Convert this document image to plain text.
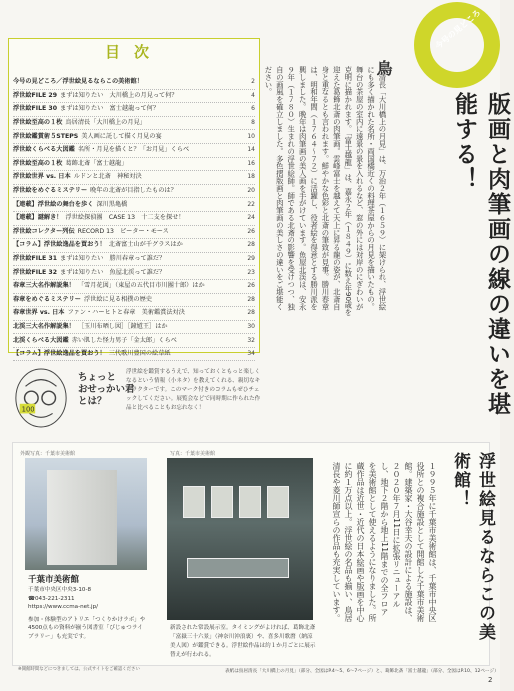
目次
今号の見どころ／浮世絵見るならこの美術館！	2
浮世絵FILE 29 まずは知りたい　大川橋上の月見って何？	4
浮世絵FILE 30 まずは知りたい　富士越龍って何？	6
浮世絵至高の１枚 鳥居清長「大川橋上の月見」	8
浮世絵鑑賞術５STEPS 美人画に託して描く月見の宴	10
浮世絵くらべる大図鑑 名所・月見を描くと？「お月見」くらべ	14
浮世絵至高の１枚 葛飾北斎「富士越龍」	16
浮世絵世界 vs. 日本 ルドンと北斎　神秘対決	18
浮世絵をめぐるミステリー 晩年の北斎が目指したものは？	20
【連載】浮世絵の舞台を歩く 深川黒亀橋	22
【連載】謎解き！ 浮世絵探偵團　CASE 13　十二支を探せ！	24
浮世絵コレクター列伝 RECORD 13　ピーター・モース	26
【コラム】浮世絵逸品を買おう！ 北斎富士山が千グラスはか	28
浮世絵FILE 31 まずは知りたい　勝川春章って誰だ？	29
浮世絵FILE 32 まずは知りたい　魚屋北渓って誰だ？	23
春章三大名作解説集！ 「雪月花図」（東屋の五代目市川團十郎）はか	26
春章をめぐるミステリー 浮世絵に見る相撲の歴史	28
春章世界 vs. 日本 ファン・ハーヒトと春章　美術鑑賞法対決	28
北渓三大名作解説集！ ［玉川布晒し図］［鐘馗王］はか	30
北渓くらべる大図鑑 赤い肌した怪力男子「金太郎」くらべ	32
【コラム】浮世絵逸品を買おう！ 三代歌川豊国の絵草紙	34
100
ちょっと
おせっかい君
とは？
浮世絵を鑑賞するうえで、知っておくともっと楽しくなるという情報（小ネタ）を教えてくれる、親切なキャラクターです。このマーク付きのコラムもぜひチェックしてください。展覧会などで同時期に作られた作品と比べることもお忘れなく！
今号の見どころ
鳥
居清長「大川橋上の月見」は、万治２年（１６５９）に架けられ、浮世絵にも多く描かれた名所・両国橋近くの料理茶屋からの月見を描いたもの。舞台の茶屋の室内に遠景の景を入れるなど、窓の外には対岸のにぎわいが克明に描かれます。「富士越龍」は、嘉永２年（１８４９）に数え年90歳を迎えた葛飾北斎の肉筆画。雲峰富士を越えて天上に昇る龍の姿が、北斎自身と重なるとも言われます。鮮やかな色彩と北斎の筆致が見事。勝川春章は、明和年間（１７６４〜７２）に活躍し、役者絵を得意とする勝川派を興しました。晩年は肉筆画の美人画を手がけています。魚屋北渓は、安永９年（１７８０）生まれの浮世絵師。師である北斎の影響を受けつつ、独自の画風を確立しました。多色摺版画と肉筆画の美しさの違いをご堪能ください。
版画と肉筆画の線の違いを堪能する！
外観写真：千葉市美術館	写真：千葉市美術館
千葉市美術館
千葉市中央区中央3-10-8
☎043-221-2311
https://www.ccma-net.jp/
参加・体験型のアトリエ「つくりかけラボ」や4500点もの資料が揃う図書室「びじゅつライブラリー」も充実です。
※開館時間などにつきましては、公式サイトをご確認ください
新設された常設展示室。タイミングがよければ、葛飾北斎「富嶽三十六景」（神奈川沖浪裏）や、喜多川歌麿（納涼美人図）が鑑賞できる。浮世絵作品は約１か月ごとに展示替えが行われる。
１９９５年に千葉市美術館は、千葉市中央区役所との複合施設として開館した千葉市美術館。建築家・大谷幸夫の設計による施設は、２０２０年７月11日に拡張リニューアルし、地下２階から地上11階までの全フロアを美術館として使えるようになりました。所蔵作品は近世・近代の日本絵画や版画を中心に約１万点以上。浮世絵の名品も揃い、鳥居清長や菱川師宣らの作品も充実しています。	浮世絵見るならこの美術館！
表紙は鳥居清長「大川橋上の月見」（部分、全図はP.4〜5、6〜7ページ）と、葛飾北斎「富士越龍」（部分、全図はP.10、12ページ）
2
